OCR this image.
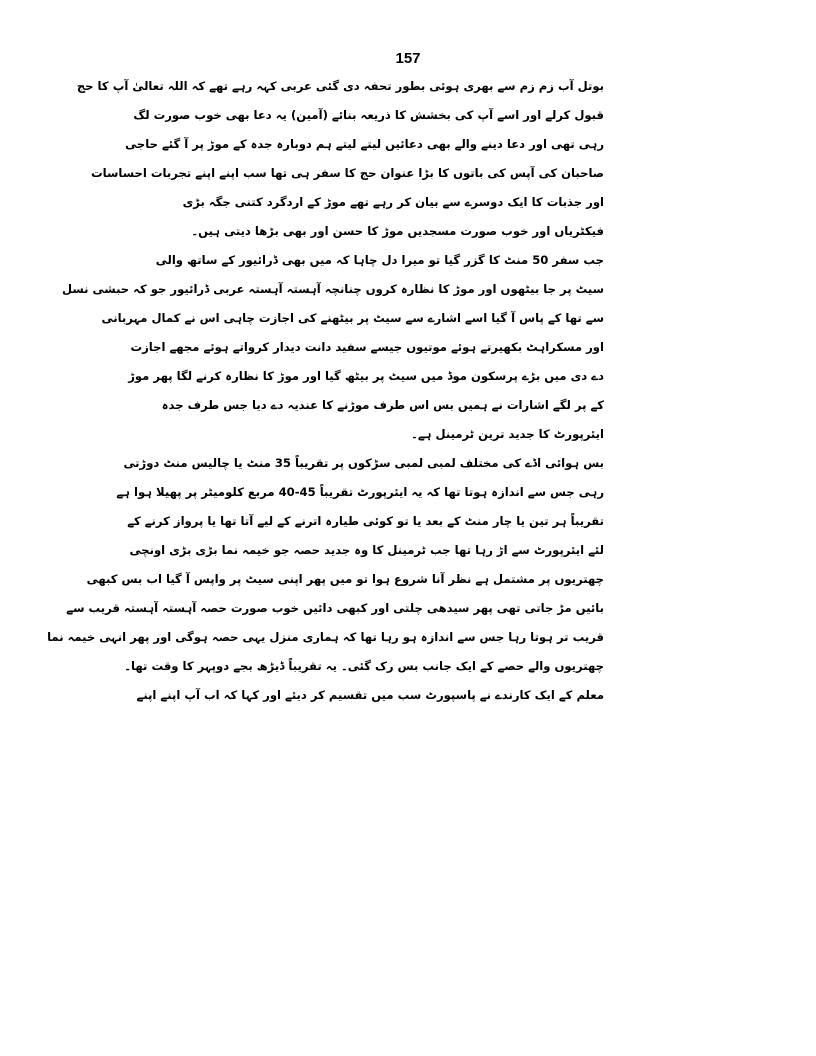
157
بوتل آب زم زم سے بھری ہوئی بطور تحفہ دی گئی عربی کہہ رہے تھے کہ اللہ تعالیٰ آپ کا حج
قبول کرلے اور اسے آپ کی بخشش کا ذریعہ بنائے (آمین) یہ دعا بھی خوب صورت لگ
رہی تھی اور دعا دینے والے بھی دعائیں لیتے لیتے ہم دوبارہ جدہ کے موڑ پر آ گئے حاجی
صاحبان کی آپس کی باتوں کا بڑا عنوان حج کا سفر ہی تھا سب اپنے اپنے تجربات احساسات
اور جذبات کا ایک دوسرے سے بیان کر رہے تھے موڑ کے اردگرد کتنی جگہ بڑی
فیکٹریاں اور خوب صورت مسجدیں موڑ کا حسن اور بھی بڑھا دیتی ہیں۔
جب سفر 50 منٹ کا گزر گیا تو میرا دل چاہا کہ میں بھی ڈرائیور کے ساتھ والی
سیٹ پر جا بیٹھوں اور موڑ کا نظارہ کروں چنانچہ آہستہ آہستہ عربی ڈرائیور جو کہ حبشی نسل
سے تھا کے پاس آ گیا اسے اشارے سے سیٹ پر بیٹھنے کی اجازت چاہی اس نے کمال مہربانی
اور مسکراہٹ بکھیرتے ہوئے موتیوں جیسے سفید دانت دیدار کرواتے ہوئے مجھے اجازت
دے دی میں بڑے پرسکون موڈ میں سیٹ پر بیٹھ گیا اور موڑ کا نظارہ کرنے لگا پھر موڑ
کے پر لگے اشارات نے ہمیں بس اس طرف موڑنے کا عندیہ دے دیا جس طرف جدہ
ایئرپورٹ کا جدید ترین ٹرمینل ہے۔
بس ہوائی اڈے کی مختلف لمبی لمبی سڑکوں پر تقریباً 35 منٹ یا چالیس منٹ دوڑتی
رہی جس سے اندازہ ہوتا تھا کہ یہ ایئرپورٹ تقریباً 45-40 مربع کلومیٹر پر پھیلا ہوا ہے
تقریباً ہر تین یا چار منٹ کے بعد یا تو کوئی طیارہ اترنے کے لیے آتا تھا یا پرواز کرنے کے
لئے ایئرپورٹ سے اڑ رہا تھا جب ٹرمینل کا وہ جدید حصہ جو خیمہ نما بڑی بڑی اونچی
چھتریوں پر مشتمل ہے نظر آنا شروع ہوا تو میں پھر اپنی سیٹ پر واپس آ گیا اب بس کبھی
بائیں مڑ جاتی تھی پھر سیدھی چلتی اور کبھی دائیں خوب صورت حصہ آہستہ آہستہ قریب سے
قریب تر ہوتا رہا جس سے اندازہ ہو رہا تھا کہ ہماری منزل یہی حصہ ہوگی اور پھر انہی خیمہ نما
چھتریوں والے حصے کے ایک جانب بس رک گئی۔ یہ تقریباً ڈیڑھ بجے دوپہر کا وقت تھا۔
معلم کے ایک کارندے نے پاسپورٹ سب میں تقسیم کر دیئے اور کہا کہ اب آپ اپنے اپنے
